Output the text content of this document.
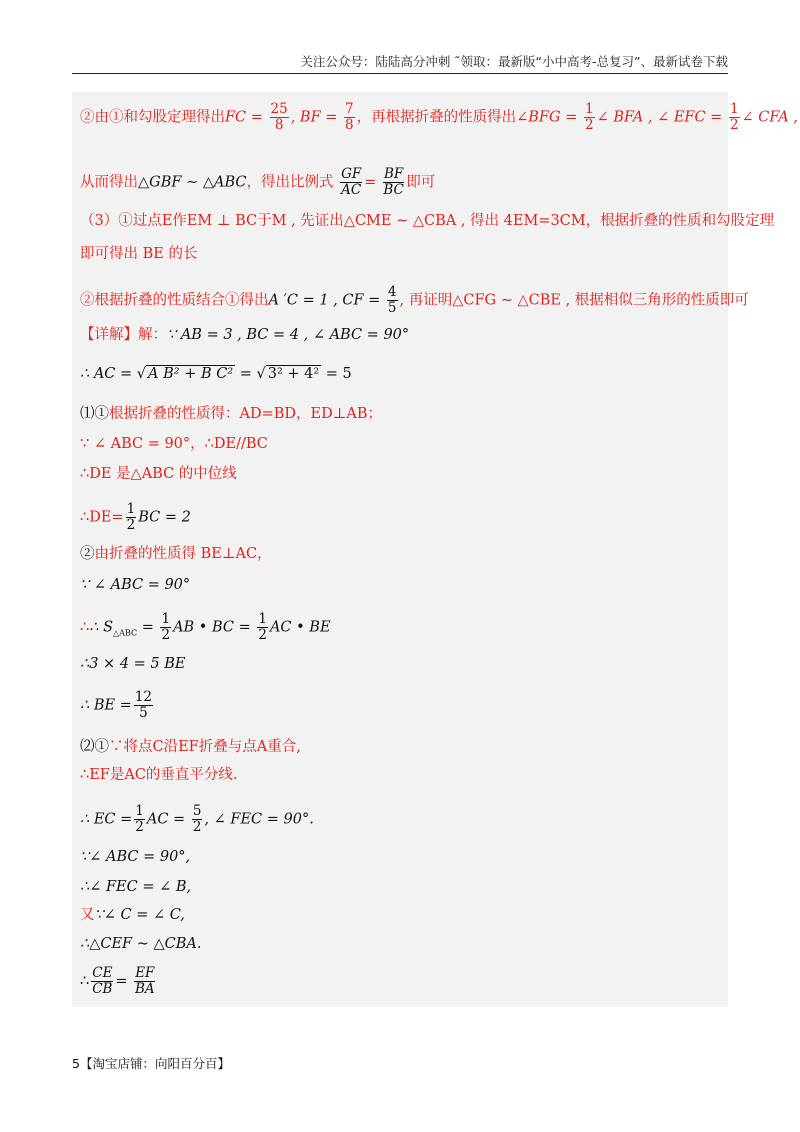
关注公众号：陆陆高分冲刺 ˜领取：最新版“小中高考-总复习”、最新试卷下载
②由①和勾股定理得出FC = $\frac{25}{8}$ , BF = $\frac{7}{8}$ ，再根据折叠的性质得出∠BFG = $\frac{1}{2}$ ∠ BFA , ∠ EFC = $\frac{1}{2}$ ∠ CFA ,
从而得出△GBF ∼ △ABC，得出比例式 $\frac{GF}{AC} = \frac{BF}{BC}$ 即可
（3）①过点E作EM ⊥ BC于M , 先证出△CME ∼ △CBA , 得出 4EM=3CM，根据折叠的性质和勾股定理
即可得出 BE 的长
②根据折叠的性质结合①得出A ′C = 1 , CF = $\frac{4}{5}$ , 再证明△CFG ∼ △CBE , 根据相似三角形的性质即可
【详解】解：∵ AB = 3 , BC = 4 , ∠ ABC = 90°
∴ AC = √ A B² + B C² = √ 3² + 4² = 5
⑴①根据折叠的性质得：AD=BD，ED⊥AB；
∵ ∠ ABC = 90°，∴DE//BC
∴DE 是△ABC 的中位线
∴DE= $\frac{1}{2}$ BC = 2
②由折叠的性质得 BE⊥AC，
∵ ∠ ABC = 90°
∴∴ $S_{\triangle ABC} = \frac{1}{2}$ AB • BC = $\frac{1}{2}$ AC • BE
∴3 × 4 = 5 BE
∴ BE = $\frac{12}{5}$
⑵①∵将点C沿EF折叠与点A重合,
∴EF是AC的垂直平分线.
∴ EC = $\frac{1}{2}$ AC = $\frac{5}{2}$ , ∠ FEC = 90°.
∵∠ ABC = 90°,
∴∠ FEC = ∠ B,
又∵∠ C = ∠ C,
∴△CEF ∼ △CBA.
∴ $\frac{CE}{CB} = \frac{EF}{BA}$
5【淘宝店铺：向阳百分百】
